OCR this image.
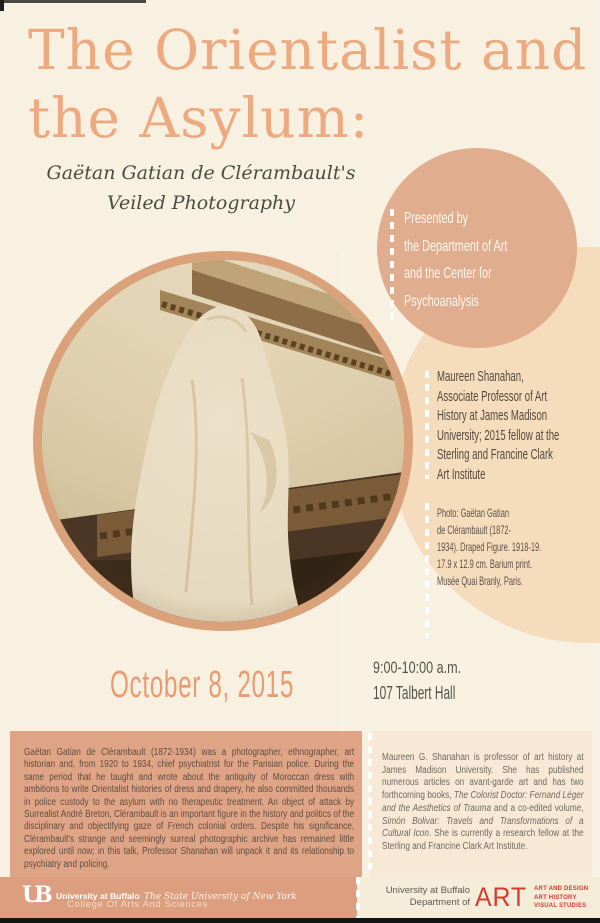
Presented by
the Department of Art
and the Center for
Psychoanalysis
The Orientalist and
the Asylum:
Gaëtan Gatian de Clérambault's
Veiled Photography
Maureen Shanahan,
Associate Professor of Art
History at James Madison
University; 2015 fellow at the
Sterling and Francine Clark
Art Institute
Photo: Gaëtan Gatian
de Clérambault (1872-
1934). Draped Figure. 1918-19.
17.9 x 12.9 cm. Barium print.
Musée Quai Branly, Paris.
October 8, 2015	9:00-10:00 a.m.
107 Talbert Hall

Gaëtan Gatian de Clérambault (1872-1934) was a photographer, ethnographer, art historian and, from 1920 to 1934, chief psychiatrist for the Parisian police. During the same period that he taught and wrote about the antiquity of Moroccan dress with ambitions to write Orientalist histories of dress and drapery, he also committed thousands in police custody to the asylum with no therapeutic treatment. An object of attack by Surrealist André Breton, Clérambault is an important figure in the history and politics of the disciplinary and objectifying gaze of French colonial orders. Despite his significance, Clérambault's strange and seemingly surreal photographic archive has remained little explored until now; in this talk, Professor Shanahan will unpack it and its relationship to psychiatry and policing.

Maureen G. Shanahan is professor of art history at James Madison University. She has published numerous articles on avant-garde art and has two forthcoming books, The Colorist Doctor: Fernand Léger and the Aesthetics of Trauma and a co-edited volume, Simón Bolivar: Travels and Transformations of a Cultural Icon. She is currently a research fellow at the Sterling and Francine Clark Art Institute.

UB University at Buffalo The State University of New York
College Of Arts And Sciences
University at Buffalo
Department of ART ART AND DESIGN
ART HISTORY
VISUAL STUDIES
